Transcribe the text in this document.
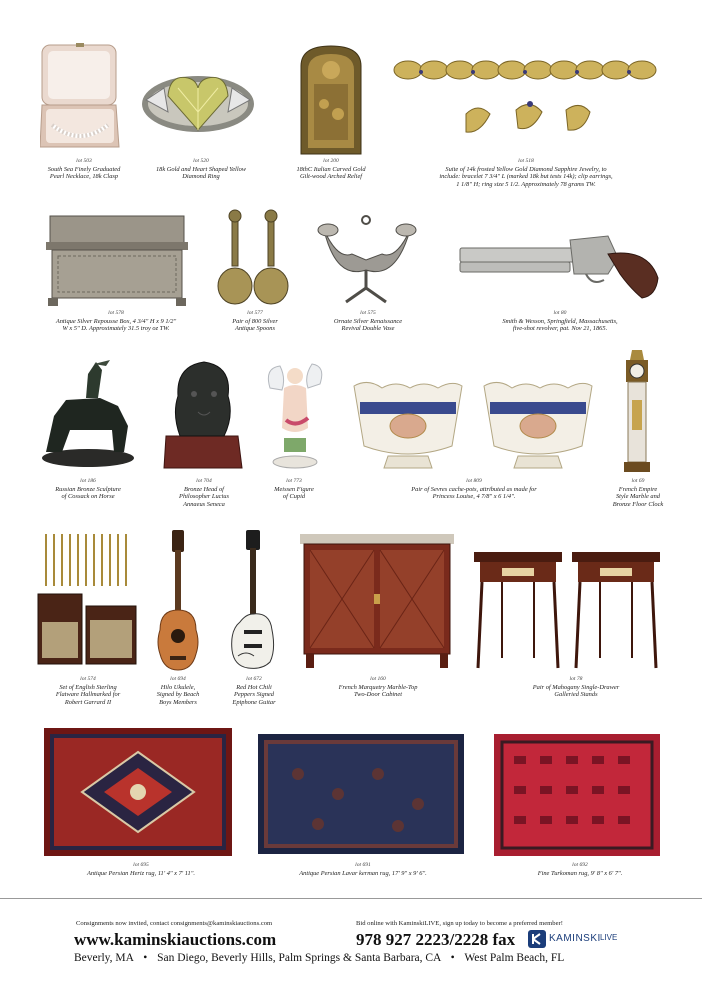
lot 503
South Sea Finely Graduated
Pearl Necklace, 18k Clasp
lot 520
18k Gold and Heart Shaped Yellow
Diamond Ring
lot 200
18thC Italian Carved Gold
Gilt-wood Arched Relief
lot 518
Suite of 14k frosted Yellow Gold Diamond Sapphire Jewelry, to
include: bracelet 7 3/4" L (marked 18k but tests 14k); clip earrings,
1 1/8" H; ring size 5 1/2. Approximately 78 grams TW.
lot 578
Antique Silver Repousse Box, 4 3/4" H x 9 1/2"
W x 5" D. Approximately 31.5 troy oz TW.
lot 577
Pair of 800 Silver
Antique Spoons
lot 575
Ornate Silver Renaissance
Revival Double Vase
lot 80
Smith & Wesson, Springfield, Massachusetts,
five-shot revolver, pat. Nov 21, 1865.
lot 186
Russian Bronze Sculpture
of Cossack on Horse
lot 704
Bronze Head of
Philosopher Lucius
Annaeus Seneca
lot 773
Meissen Figure
of Cupid
lot 809
Pair of Sevres cache-pots, attributed as made for
Princess Louise, 4 7/8" x 6 1/4".
lot 69
French Empire
Style Marble and
Bronze Floor Clock
lot 574
Set of English Sterling
Flatware Hallmarked for
Robert Garrard II
lot 694
Hilo Ukulele,
Signed by Beach
Boys Members
lot 672
Red Hot Chili
Peppers Signed
Epiphone Guitar
lot 160
French Marquetry Marble-Top
Two-Door Cabinet
lot 78
Pair of Mahogany Single-Drawer
Galleried Stands
lot 695
Antique Persian Heriz rug, 11' 4" x 7' 11".
lot 691
Antique Persian Lavar kerman rug, 17' 9" x 9' 6".
lot 692
Fine Turkoman rug, 9' 8" x 6' 7".
Consignments now invited, contact consignments@kaminskiauctions.com	Bid online with KaminskiLIVE, sign up today to become a preferred member!
www.kaminskiauctions.com	978 927 2223/2228 fax	KAMINSKI LIVE
Beverly, MA • San Diego, Beverly Hills, Palm Springs & Santa Barbara, CA • West Palm Beach, FL
